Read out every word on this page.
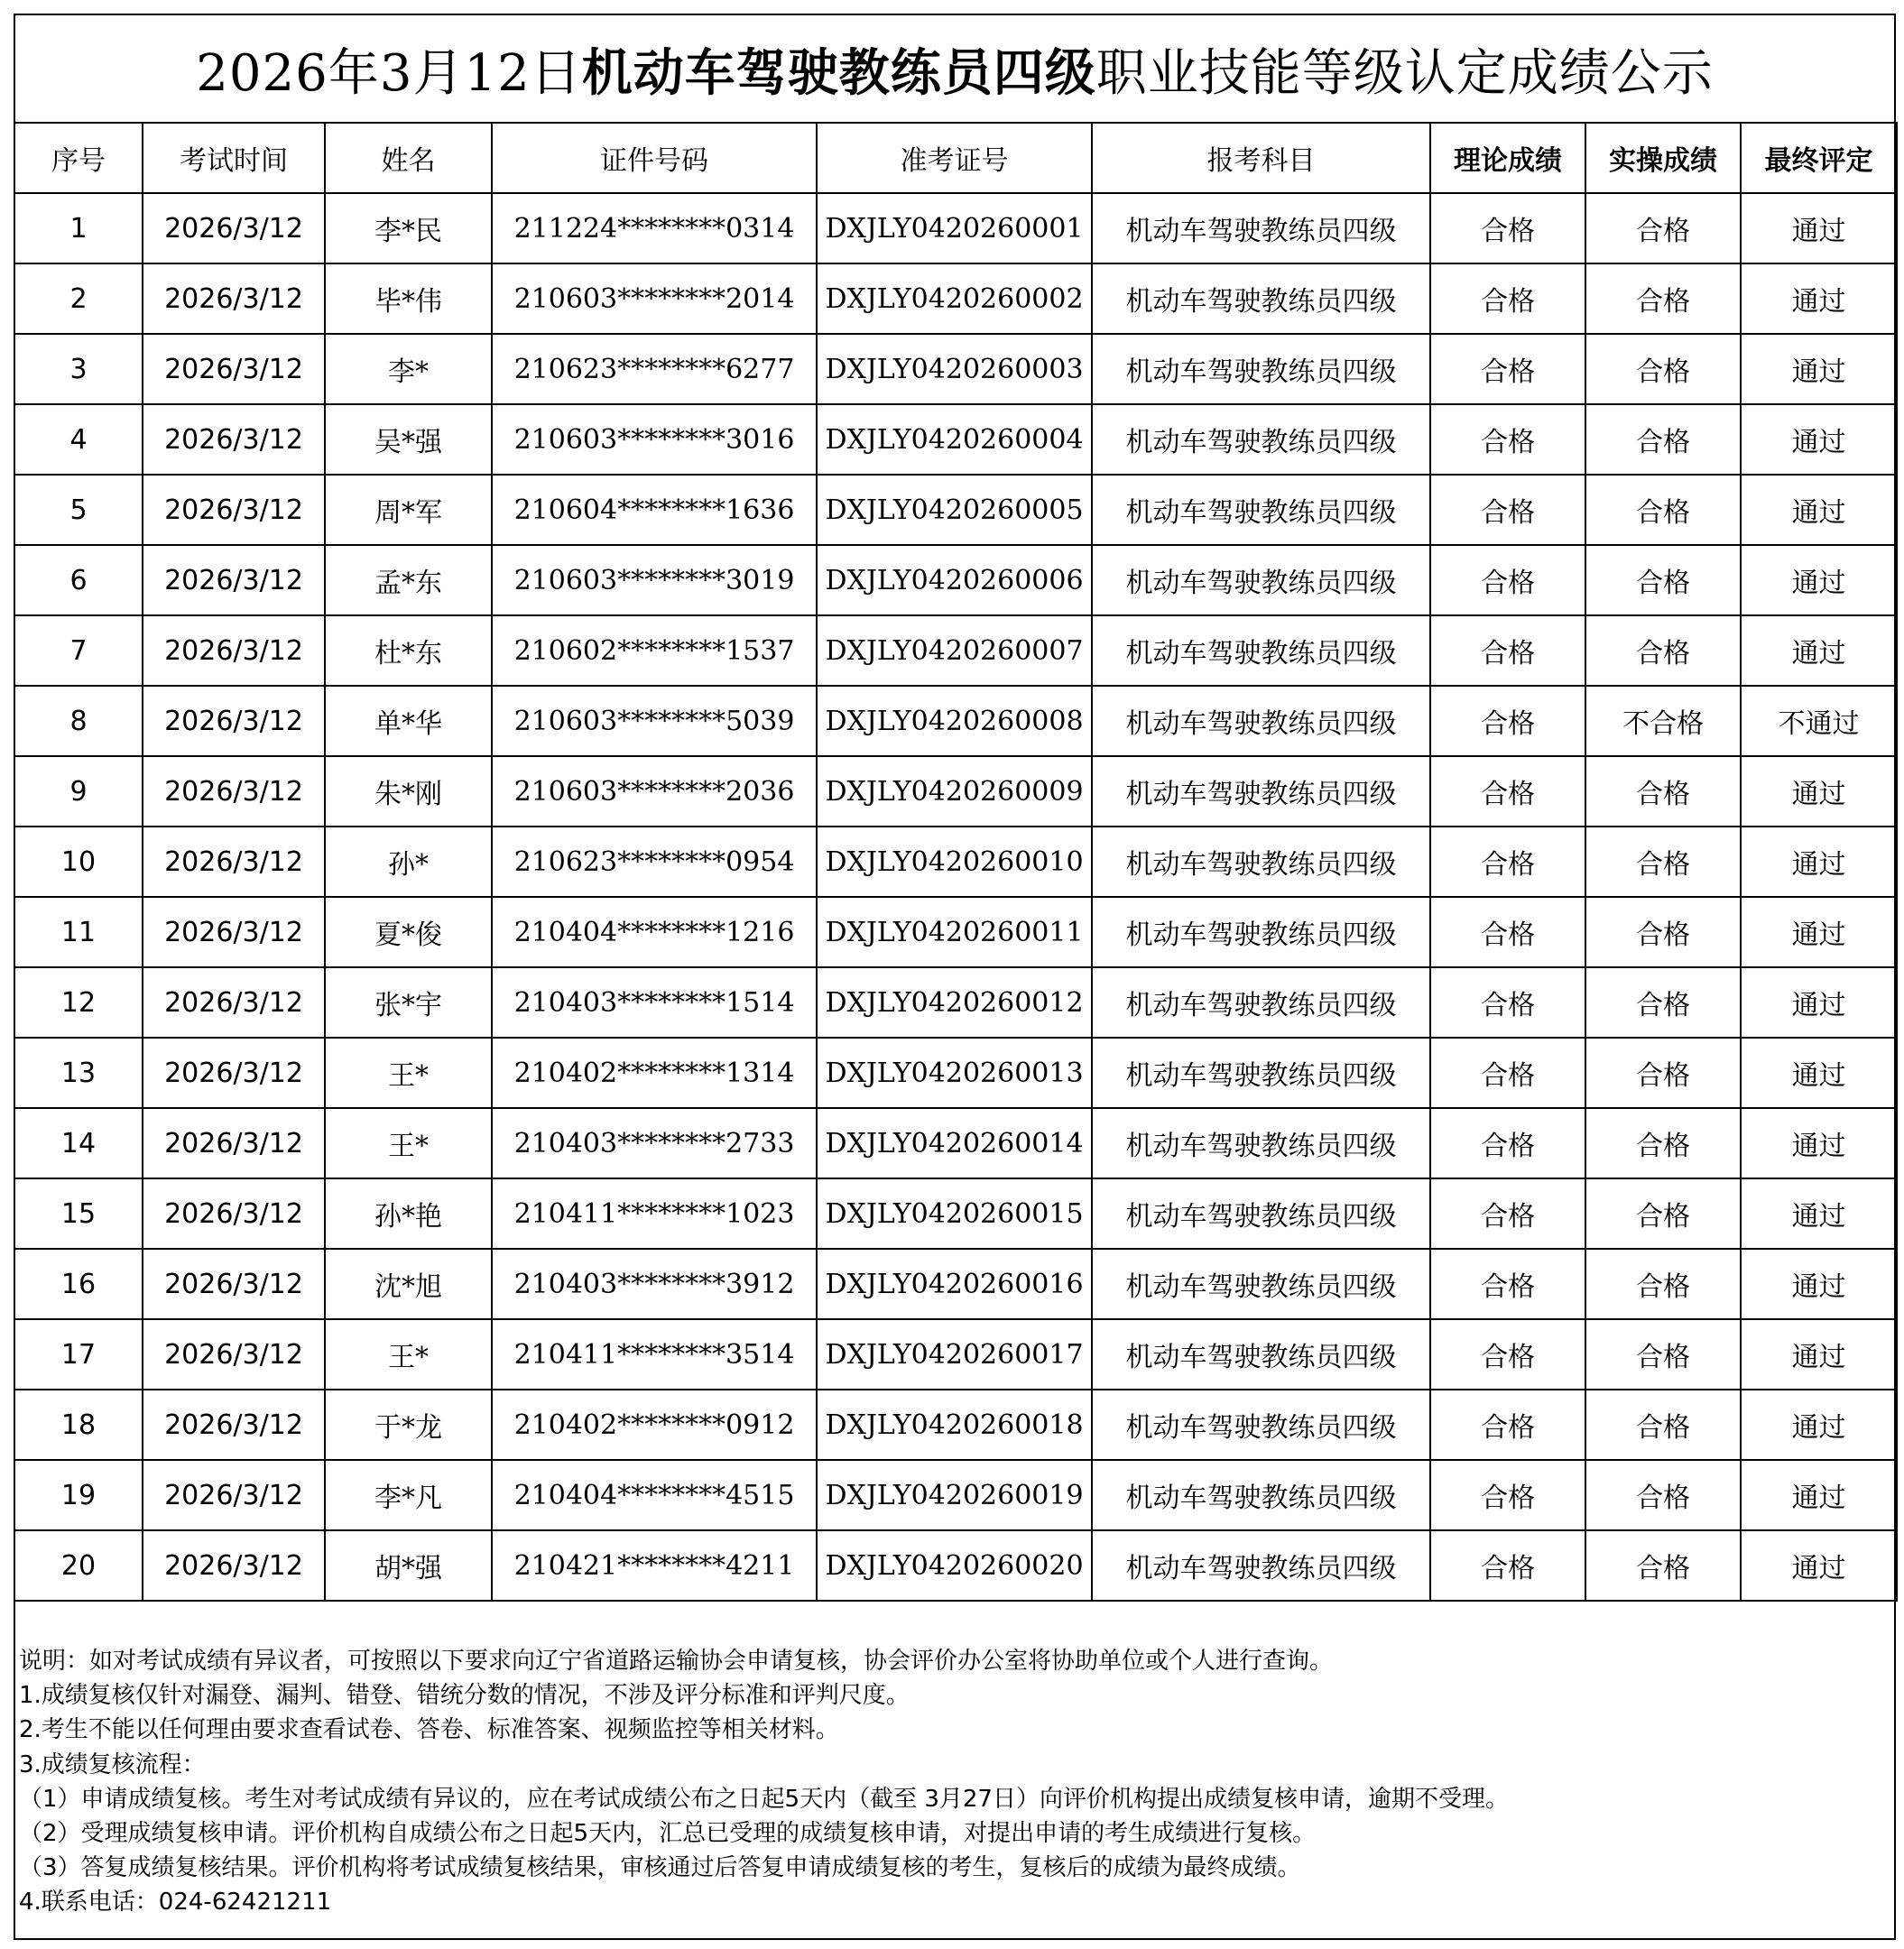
2026年3月12日 机动车驾驶教练员四级 职业技能等级认定成绩公示
序号	考试时间	姓名	证件号码	准考证号	报考科目	理论成绩	实操成绩	最终评定
1	2026/3/12	李*民	211224********0314	DXJLY0420260001	机动车驾驶教练员四级	合格	合格	通过
2	2026/3/12	毕*伟	210603********2014	DXJLY0420260002	机动车驾驶教练员四级	合格	合格	通过
3	2026/3/12	李*	210623********6277	DXJLY0420260003	机动车驾驶教练员四级	合格	合格	通过
4	2026/3/12	吴*强	210603********3016	DXJLY0420260004	机动车驾驶教练员四级	合格	合格	通过
5	2026/3/12	周*军	210604********1636	DXJLY0420260005	机动车驾驶教练员四级	合格	合格	通过
6	2026/3/12	孟*东	210603********3019	DXJLY0420260006	机动车驾驶教练员四级	合格	合格	通过
7	2026/3/12	杜*东	210602********1537	DXJLY0420260007	机动车驾驶教练员四级	合格	合格	通过
8	2026/3/12	单*华	210603********5039	DXJLY0420260008	机动车驾驶教练员四级	合格	不合格	不通过
9	2026/3/12	朱*刚	210603********2036	DXJLY0420260009	机动车驾驶教练员四级	合格	合格	通过
10	2026/3/12	孙*	210623********0954	DXJLY0420260010	机动车驾驶教练员四级	合格	合格	通过
11	2026/3/12	夏*俊	210404********1216	DXJLY0420260011	机动车驾驶教练员四级	合格	合格	通过
12	2026/3/12	张*宇	210403********1514	DXJLY0420260012	机动车驾驶教练员四级	合格	合格	通过
13	2026/3/12	王*	210402********1314	DXJLY0420260013	机动车驾驶教练员四级	合格	合格	通过
14	2026/3/12	王*	210403********2733	DXJLY0420260014	机动车驾驶教练员四级	合格	合格	通过
15	2026/3/12	孙*艳	210411********1023	DXJLY0420260015	机动车驾驶教练员四级	合格	合格	通过
16	2026/3/12	沈*旭	210403********3912	DXJLY0420260016	机动车驾驶教练员四级	合格	合格	通过
17	2026/3/12	王*	210411********3514	DXJLY0420260017	机动车驾驶教练员四级	合格	合格	通过
18	2026/3/12	于*龙	210402********0912	DXJLY0420260018	机动车驾驶教练员四级	合格	合格	通过
19	2026/3/12	李*凡	210404********4515	DXJLY0420260019	机动车驾驶教练员四级	合格	合格	通过
20	2026/3/12	胡*强	210421********4211	DXJLY0420260020	机动车驾驶教练员四级	合格	合格	通过
说明：如对考试成绩有异议者，可按照以下要求向辽宁省道路运输协会申请复核，协会评价办公室将协助单位或个人进行查询。
1.成绩复核仅针对漏登、漏判、错登、错统分数的情况，不涉及评分标准和评判尺度。
2.考生不能以任何理由要求查看试卷、答卷、标准答案、视频监控等相关材料。
3.成绩复核流程：
（1）申请成绩复核。考生对考试成绩有异议的，应在考试成绩公布之日起5天内（截至 3月27日）向评价机构提出成绩复核申请，逾期不受理。
（2）受理成绩复核申请。评价机构自成绩公布之日起5天内，汇总已受理的成绩复核申请，对提出申请的考生成绩进行复核。
（3）答复成绩复核结果。评价机构将考试成绩复核结果，审核通过后答复申请成绩复核的考生，复核后的成绩为最终成绩。
4.联系电话：024-62421211
